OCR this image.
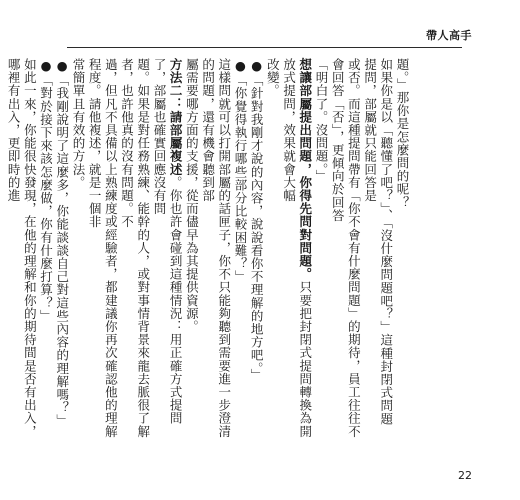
帶人高手

題。」那你是怎麼問的呢？

如果你是以「聽懂了吧？」、「沒什麼問題吧？」這種封閉式問題提問，部屬就只能回答是

或否。而這種提問帶有「你不會有什麼問題」的期待，員工往往不會回答「否」，更傾向於回答

「明白了。沒問題。」

想讓部屬提出問題，你得先問對問題。只要把封閉式提問轉換為開放式提問，效果就會大幅

改變。

●「針對我剛才說的內容，說說看你不理解的地方吧。」

●「你覺得執行哪些部分比較困難？」

這樣問就可以打開部屬的話匣子，你不只能夠聽到需要進一步澄清的問題，還有機會聽到部

屬需要哪方面的支援，從而儘早為其提供資源。

方法二：請部屬複述。你也許會碰到這種情況：用正確方式提問了，部屬也確實回應沒有問

題。如果是對任務熟練、能幹的人，或對事情背景來龍去脈很了解者，也許他真的沒有問題。不

過，但凡不具備以上熟練度或經驗者，都建議你再次確認他的理解程度。請他複述，就是一個非

常簡單且有效的方法。

●「我剛說明了這麼多，你能談談自己對這些內容的理解嗎？」

●「對於接下來該怎麼做，你有什麼打算？」

如此一來，你能很快發現，在他的理解和你的期待間是否有出入，哪裡有出入，更即時的進

22
